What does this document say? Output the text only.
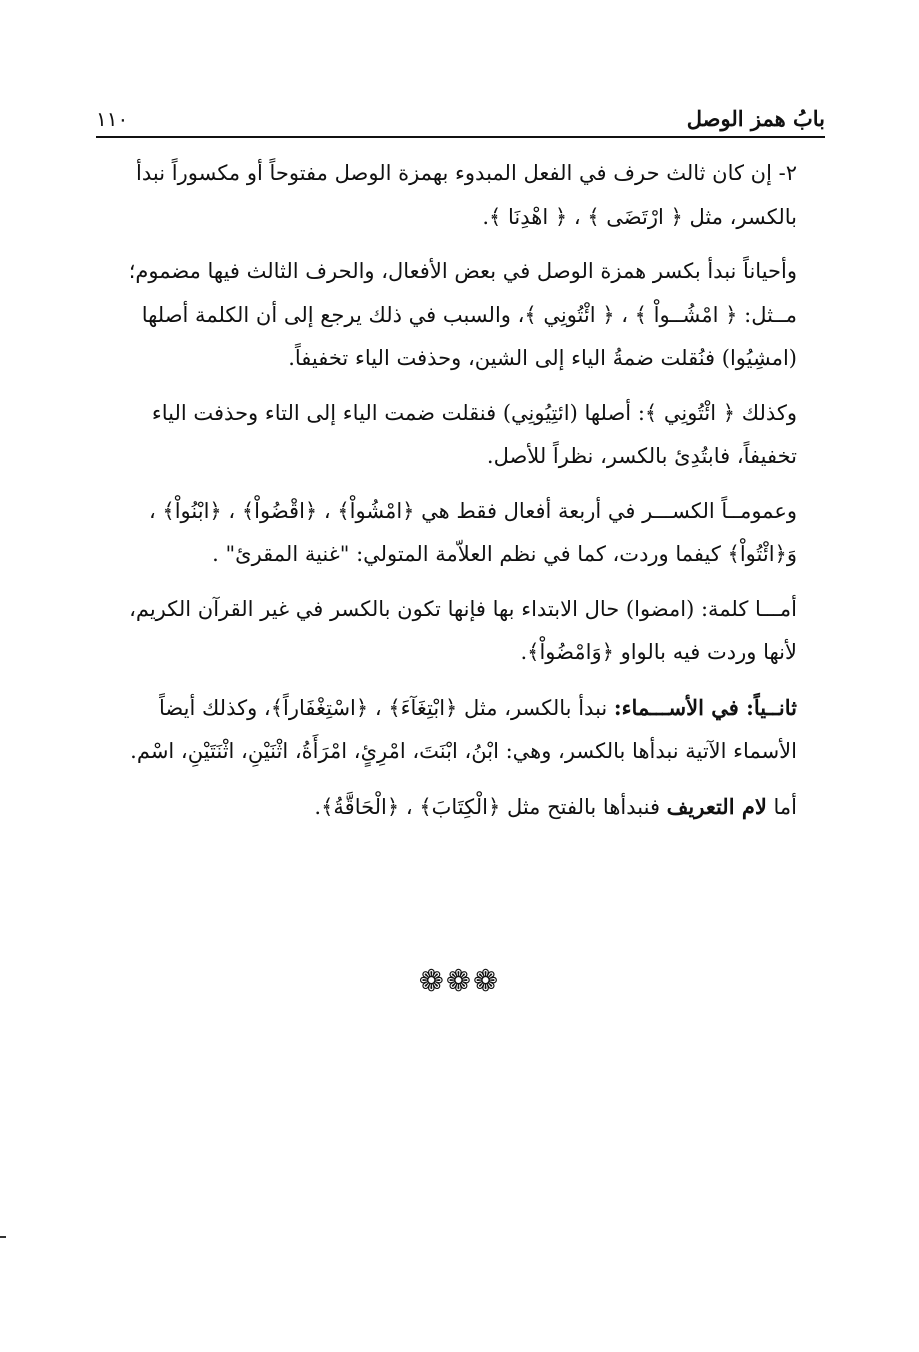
بابُ همز الوصل
١١٠

٢- إن كان ثالث حرف في الفعل المبدوء بهمزة الوصل مفتوحاً أو مكسوراً نبدأ
بالكسر، مثل ﴿ ارْتَضَى ﴾ ، ﴿ اهْدِنَا ﴾.

وأحياناً نبدأ بكسر همزة الوصل في بعض الأفعال، والحرف الثالث فيها مضموم؛
مــثل: ﴿ امْشُــواْ ﴾ ، ﴿ ائْتُونِي ﴾، والسبب في ذلك يرجع إلى أن الكلمة أصلها
(امشِيُوا) فنُقلت ضمةُ الياء إلى الشين، وحذفت الياء تخفيفاً.

وكذلك ﴿ ائْتُونِي ﴾: أصلها (ائتِيُونِي) فنقلت ضمت الياء إلى التاء وحذفت الياء
تخفيفاً، فابتُدِئ بالكسر، نظراً للأصل.

وعمومــاً الكســـر في أربعة أفعال فقط هي ﴿امْشُواْ﴾ ، ﴿اقْضُواْ﴾ ، ﴿ابْنُواْ﴾ ،
وَ﴿ائْتُواْ﴾ كيفما وردت، كما في نظم العلاّمة المتولي: "غنية المقرئ" .

أمـــا كلمة: (امضوا) حال الابتداء بها فإنها تكون بالكسر في غير القرآن الكريم،
لأنها وردت فيه بالواو ﴿وَامْضُواْ﴾.

ثانــياً: في الأســـماء: نبدأ بالكسر، مثل ﴿ابْتِغَآءَ﴾ ، ﴿اسْتِغْفَاراً﴾، وكذلك أيضاً
الأسماء الآتية نبدأها بالكسر، وهي: ابْنُ، ابْنَتَ، امْرِئٍ، امْرَأَةُ، اثْنَيْنِ، اثْنَتَيْنِ، اسْم.

أما لام التعريف فنبدأها بالفتح مثل ﴿الْكِتَابَ﴾ ، ﴿الْحَاقَّةُ﴾.

❁❁❁
